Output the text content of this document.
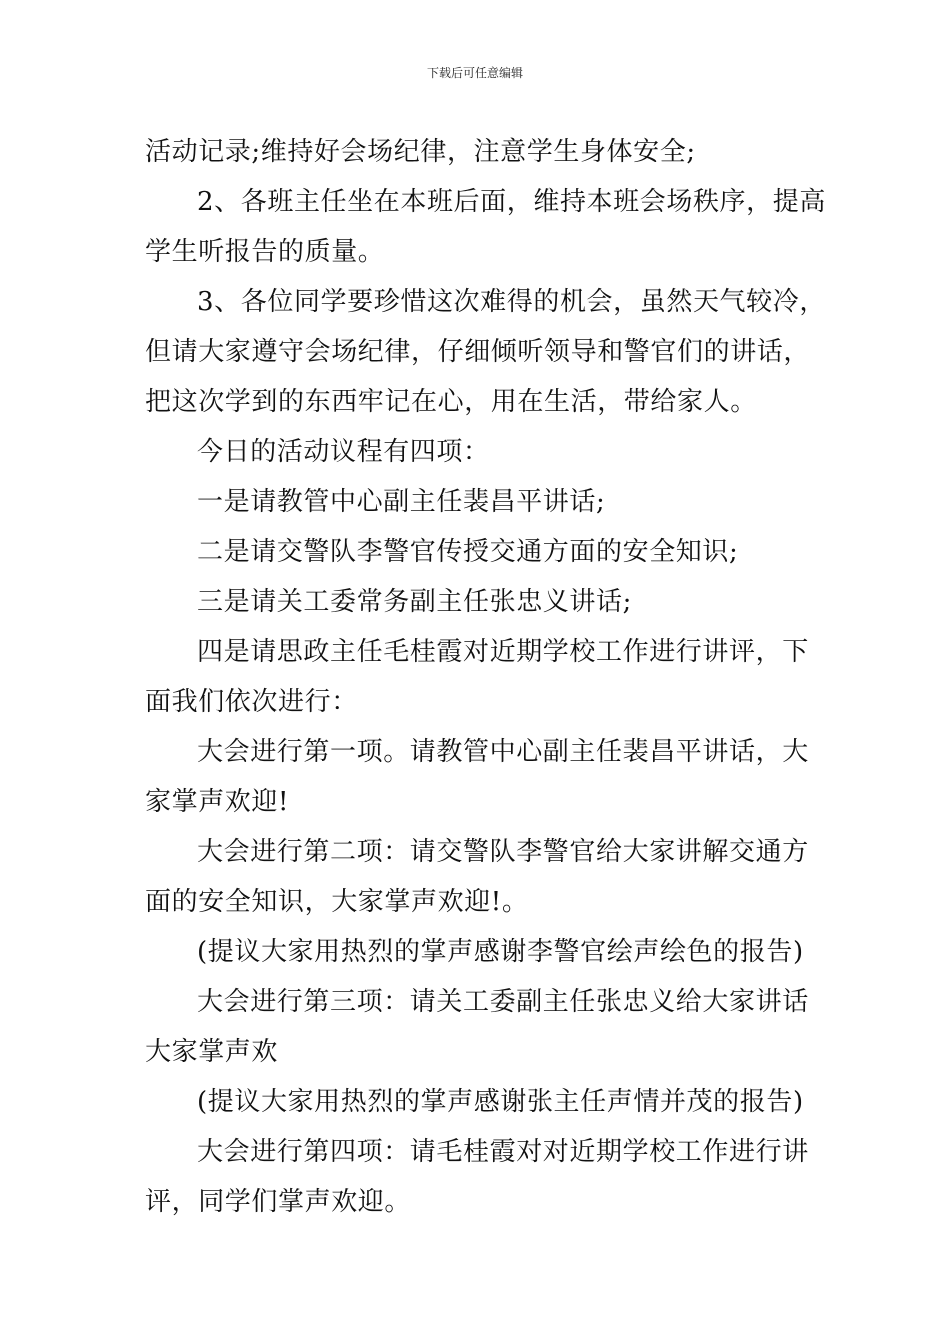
下载后可任意编辑

活动记录;维持好会场纪律，注意学生身体安全;

2、各班主任坐在本班后面，维持本班会场秩序，提高
学生听报告的质量。

3、各位同学要珍惜这次难得的机会，虽然天气较冷，
但请大家遵守会场纪律，仔细倾听领导和警官们的讲话，
把这次学到的东西牢记在心，用在生活，带给家人。

今日的活动议程有四项：

一是请教管中心副主任裴昌平讲话;

二是请交警队李警官传授交通方面的安全知识;

三是请关工委常务副主任张忠义讲话;

四是请思政主任毛桂霞对近期学校工作进行讲评，下
面我们依次进行：

大会进行第一项。请教管中心副主任裴昌平讲话，大
家掌声欢迎!

大会进行第二项：请交警队李警官给大家讲解交通方
面的安全知识，大家掌声欢迎!。

(提议大家用热烈的掌声感谢李警官绘声绘色的报告)

大会进行第三项：请关工委副主任张忠义给大家讲话
大家掌声欢

(提议大家用热烈的掌声感谢张主任声情并茂的报告)

大会进行第四项：请毛桂霞对对近期学校工作进行讲
评，同学们掌声欢迎。
